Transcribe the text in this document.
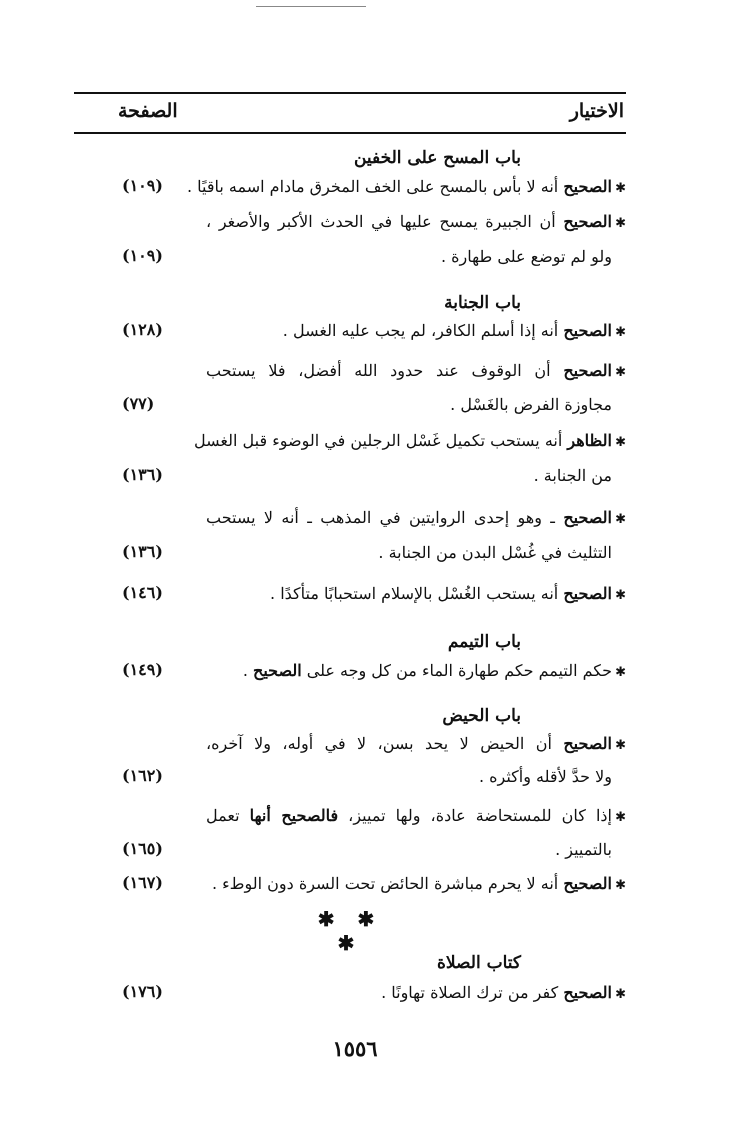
الاختيار
الصفحة
باب المسح على الخفين
✱الصحيح أنه لا بأس بالمسح على الخف المخرق مادام اسمه باقيًا .
(١٠٩)
✱الصحيح أن الجبيرة يمسح عليها في الحدث الأكبر والأصغر ،
ولو لم توضع على طهارة .
(١٠٩)
باب الجنابة
✱الصحيح أنه إذا أسلم الكافر، لم يجب عليه الغسل .
(١٢٨)
✱الصحيح أن الوقوف عند حدود الله أفضل، فلا يستحب
مجاوزة الفرض بالغَسْل .
(٧٧)
✱الظاهر أنه يستحب تكميل غَسْل الرجلين في الوضوء قبل الغسل
من الجنابة .
(١٣٦)
✱الصحيح ـ وهو إحدى الروايتين في المذهب ـ أنه لا يستحب
التثليث في غُسْل البدن من الجنابة .
(١٣٦)
✱الصحيح أنه يستحب الغُسْل بالإسلام استحبابًا متأكدًا .
(١٤٦)
باب التيمم
✱حكم التيمم حكم طهارة الماء من كل وجه على الصحيح .
(١٤٩)
باب الحيض
✱الصحيح أن الحيض لا يحد بسن، لا في أوله، ولا آخره،
ولا حدَّ لأقله وأكثره .
(١٦٢)
✱إذا كان للمستحاضة عادة، ولها تمييز، فالصحيح أنها تعمل
بالتمييز .
(١٦٥)
✱الصحيح أنه لا يحرم مباشرة الحائض تحت السرة دون الوطء .
(١٦٧)
✱ ✱ ✱
كتاب الصلاة
✱الصحيح كفر من ترك الصلاة تهاونًا .
(١٧٦)
١٥٥٦
